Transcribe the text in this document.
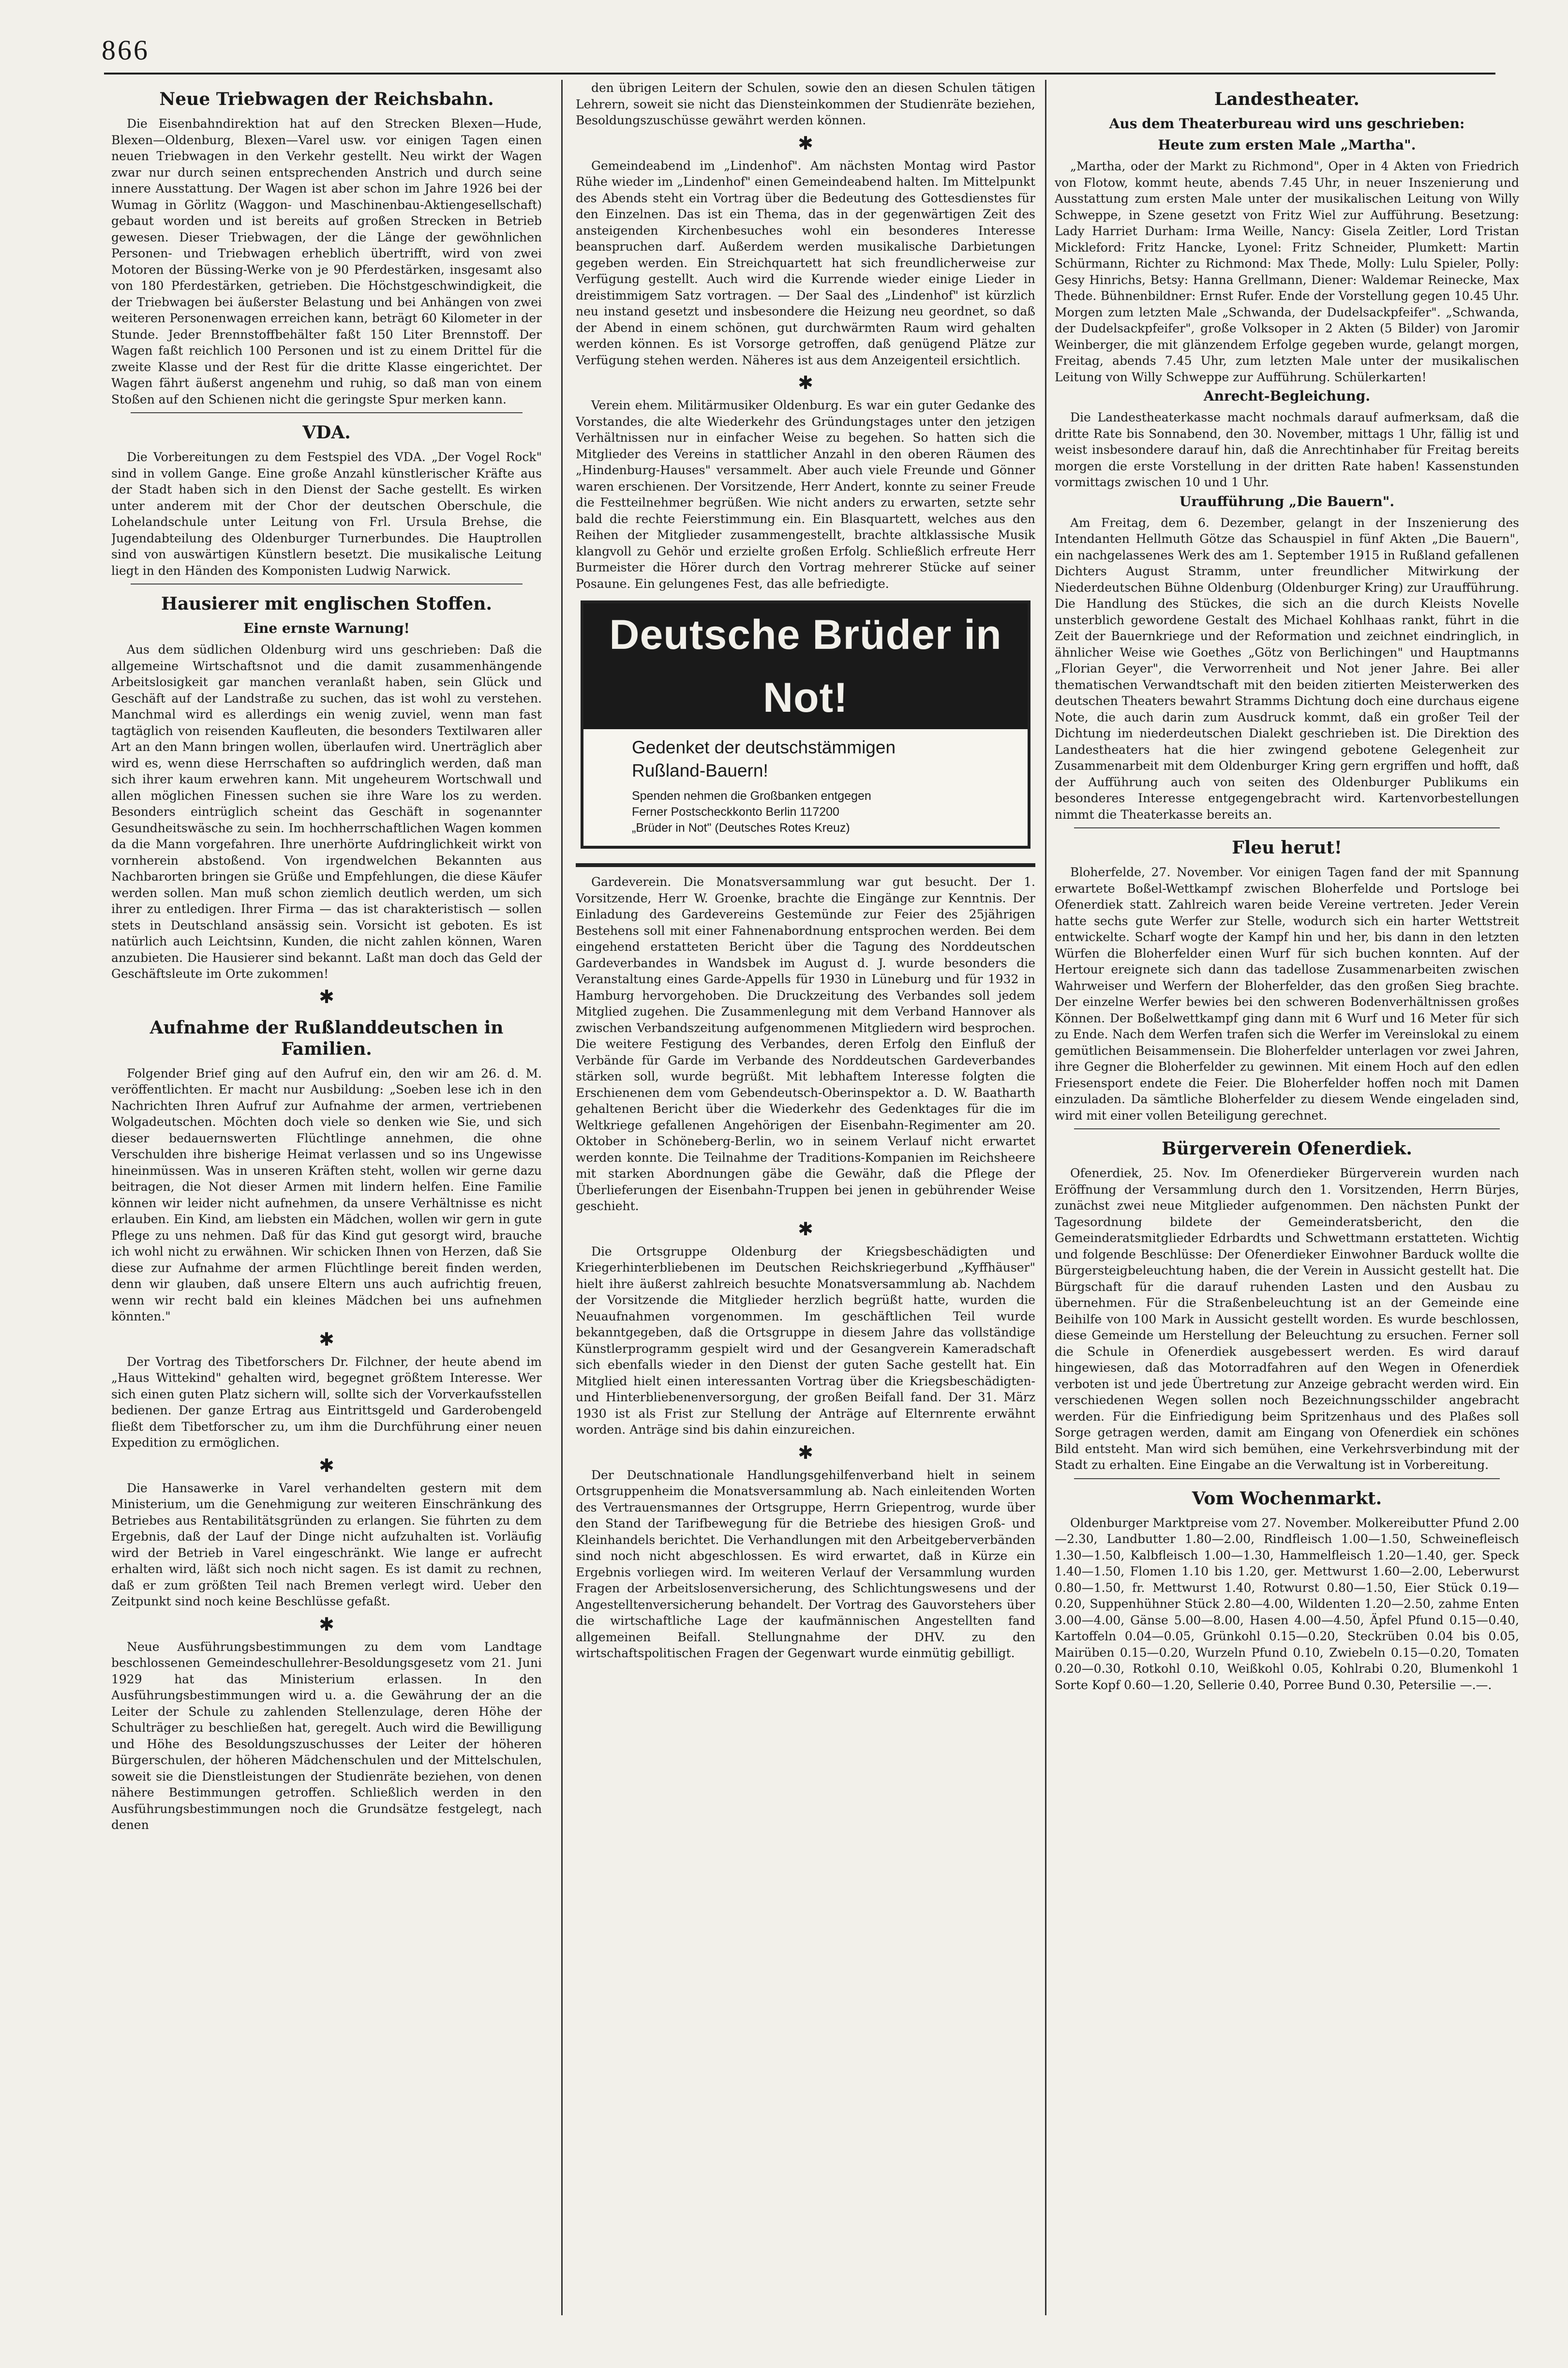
866
Neue Triebwagen der Reichsbahn.

Die Eisenbahndirektion hat auf den Strecken Blexen—Hude, Blexen—Oldenburg, Blexen—Varel usw. vor einigen Tagen einen neuen Triebwagen in den Verkehr gestellt. Neu wirkt der Wagen zwar nur durch seinen entsprechenden Anstrich und durch seine innere Ausstattung. Der Wagen ist aber schon im Jahre 1926 bei der Wumag in Görlitz (Waggon- und Maschinenbau-Aktiengesellschaft) gebaut worden und ist bereits auf großen Strecken in Betrieb gewesen. Dieser Triebwagen, der die Länge der gewöhnlichen Personen- und Triebwagen erheblich übertrifft, wird von zwei Motoren der Büssing-Werke von je 90 Pferdestärken, insgesamt also von 180 Pferdestärken, getrieben. Die Höchstgeschwindigkeit, die der Triebwagen bei äußerster Belastung und bei Anhängen von zwei weiteren Personenwagen erreichen kann, beträgt 60 Kilometer in der Stunde. Jeder Brennstoffbehälter faßt 150 Liter Brennstoff. Der Wagen faßt reichlich 100 Personen und ist zu einem Drittel für die zweite Klasse und der Rest für die dritte Klasse eingerichtet. Der Wagen fährt äußerst angenehm und ruhig, so daß man von einem Stoßen auf den Schienen nicht die geringste Spur merken kann.

VDA.

Die Vorbereitungen zu dem Festspiel des VDA. „Der Vogel Rock" sind in vollem Gange. Eine große Anzahl künstlerischer Kräfte aus der Stadt haben sich in den Dienst der Sache gestellt. Es wirken unter anderem mit der Chor der deutschen Oberschule, die Lohelandschule unter Leitung von Frl. Ursula Brehse, die Jugendabteilung des Oldenburger Turnerbundes. Die Hauptrollen sind von auswärtigen Künstlern besetzt. Die musikalische Leitung liegt in den Händen des Komponisten Ludwig Narwick.

Hausierer mit englischen Stoffen.
Eine ernste Warnung!

Aus dem südlichen Oldenburg wird uns geschrieben: Daß die allgemeine Wirtschaftsnot und die damit zusammenhängende Arbeitslosigkeit gar manchen veranlaßt haben, sein Glück und Geschäft auf der Landstraße zu suchen, das ist wohl zu verstehen. Manchmal wird es allerdings ein wenig zuviel, wenn man fast tagtäglich von reisenden Kaufleuten, die besonders Textilwaren aller Art an den Mann bringen wollen, überlaufen wird. Unerträglich aber wird es, wenn diese Herrschaften so aufdringlich werden, daß man sich ihrer kaum erwehren kann. Mit ungeheurem Wortschwall und allen möglichen Finessen suchen sie ihre Ware los zu werden. Besonders eintrüglich scheint das Geschäft in sogenannter Gesundheitswäsche zu sein. Im hochherrschaftlichen Wagen kommen da die Mann vorgefahren. Ihre unerhörte Aufdringlichkeit wirkt von vornherein abstoßend. Von irgendwelchen Bekannten aus Nachbarorten bringen sie Grüße und Empfehlungen, die diese Käufer werden sollen. Man muß schon ziemlich deutlich werden, um sich ihrer zu entledigen. Ihrer Firma — das ist charakteristisch — sollen stets in Deutschland ansässig sein. Vorsicht ist geboten. Es ist natürlich auch Leichtsinn, Kunden, die nicht zahlen können, Waren anzubieten. Die Hausierer sind bekannt. Laßt man doch das Geld der Geschäftsleute im Orte zukommen!

✱
Aufnahme der Rußlanddeutschen in Familien.

Folgender Brief ging auf den Aufruf ein, den wir am 26. d. M. veröffentlichten. Er macht nur Ausbildung: „Soeben lese ich in den Nachrichten Ihren Aufruf zur Aufnahme der armen, vertriebenen Wolgadeutschen. Möchten doch viele so denken wie Sie, und sich dieser bedauernswerten Flüchtlinge annehmen, die ohne Verschulden ihre bisherige Heimat verlassen und so ins Ungewisse hineinmüssen. Was in unseren Kräften steht, wollen wir gerne dazu beitragen, die Not dieser Armen mit lindern helfen. Eine Familie können wir leider nicht aufnehmen, da unsere Verhältnisse es nicht erlauben. Ein Kind, am liebsten ein Mädchen, wollen wir gern in gute Pflege zu uns nehmen. Daß für das Kind gut gesorgt wird, brauche ich wohl nicht zu erwähnen. Wir schicken Ihnen von Herzen, daß Sie diese zur Aufnahme der armen Flüchtlinge bereit finden werden, denn wir glauben, daß unsere Eltern uns auch aufrichtig freuen, wenn wir recht bald ein kleines Mädchen bei uns aufnehmen könnten."

✱

Der Vortrag des Tibetforschers Dr. Filchner, der heute abend im „Haus Wittekind" gehalten wird, begegnet größtem Interesse. Wer sich einen guten Platz sichern will, sollte sich der Vorverkaufsstellen bedienen. Der ganze Ertrag aus Eintrittsgeld und Garderobengeld fließt dem Tibetforscher zu, um ihm die Durchführung einer neuen Expedition zu ermöglichen.

✱

Die Hansawerke in Varel verhandelten gestern mit dem Ministerium, um die Genehmigung zur weiteren Einschränkung des Betriebes aus Rentabilitätsgründen zu erlangen. Sie führten zu dem Ergebnis, daß der Lauf der Dinge nicht aufzuhalten ist. Vorläufig wird der Betrieb in Varel eingeschränkt. Wie lange er aufrecht erhalten wird, läßt sich noch nicht sagen. Es ist damit zu rechnen, daß er zum größten Teil nach Bremen verlegt wird. Ueber den Zeitpunkt sind noch keine Beschlüsse gefaßt.

✱

Neue Ausführungsbestimmungen zu dem vom Landtage beschlossenen Gemeindeschullehrer-Besoldungsgesetz vom 21. Juni 1929 hat das Ministerium erlassen. In den Ausführungsbestimmungen wird u. a. die Gewährung der an die Leiter der Schule zu zahlenden Stellenzulage, deren Höhe der Schulträger zu beschließen hat, geregelt. Auch wird die Bewilligung und Höhe des Besoldungszuschusses der Leiter der höheren Bürgerschulen, der höheren Mädchenschulen und der Mittelschulen, soweit sie die Dienstleistungen der Studienräte beziehen, von denen nähere Bestimmungen getroffen. Schließlich werden in den Ausführungsbestimmungen noch die Grundsätze festgelegt, nach denen

den übrigen Leitern der Schulen, sowie den an diesen Schulen tätigen Lehrern, soweit sie nicht das Diensteinkommen der Studienräte beziehen, Besoldungszuschüsse gewährt werden können.

✱

Gemeindeabend im „Lindenhof". Am nächsten Montag wird Pastor Rühe wieder im „Lindenhof" einen Gemeindeabend halten. Im Mittelpunkt des Abends steht ein Vortrag über die Bedeutung des Gottesdienstes für den Einzelnen. Das ist ein Thema, das in der gegenwärtigen Zeit des ansteigenden Kirchenbesuches wohl ein besonderes Interesse beanspruchen darf. Außerdem werden musikalische Darbietungen gegeben werden. Ein Streichquartett hat sich freundlicherweise zur Verfügung gestellt. Auch wird die Kurrende wieder einige Lieder in dreistimmigem Satz vortragen. — Der Saal des „Lindenhof" ist kürzlich neu instand gesetzt und insbesondere die Heizung neu geordnet, so daß der Abend in einem schönen, gut durchwärmten Raum wird gehalten werden können. Es ist Vorsorge getroffen, daß genügend Plätze zur Verfügung stehen werden. Näheres ist aus dem Anzeigenteil ersichtlich.

✱

Verein ehem. Militärmusiker Oldenburg. Es war ein guter Gedanke des Vorstandes, die alte Wiederkehr des Gründungstages unter den jetzigen Verhältnissen nur in einfacher Weise zu begehen. So hatten sich die Mitglieder des Vereins in stattlicher Anzahl in den oberen Räumen des „Hindenburg-Hauses" versammelt. Aber auch viele Freunde und Gönner waren erschienen. Der Vorsitzende, Herr Andert, konnte zu seiner Freude die Festteilnehmer begrüßen. Wie nicht anders zu erwarten, setzte sehr bald die rechte Feierstimmung ein. Ein Blasquartett, welches aus den Reihen der Mitglieder zusammengestellt, brachte altklassische Musik klangvoll zu Gehör und erzielte großen Erfolg. Schließlich erfreute Herr Burmeister die Hörer durch den Vortrag mehrerer Stücke auf seiner Posaune. Ein gelungenes Fest, das alle befriedigte.

Deutsche Brüder in Not!
Gedenket der deutschstämmigen
Rußland-Bauern!
Spenden nehmen die Großbanken entgegen
Ferner Postscheckkonto Berlin 117200
„Brüder in Not" (Deutsches Rotes Kreuz)

Gardeverein. Die Monatsversammlung war gut besucht. Der 1. Vorsitzende, Herr W. Groenke, brachte die Eingänge zur Kenntnis. Der Einladung des Gardevereins Gestemünde zur Feier des 25jährigen Bestehens soll mit einer Fahnenabordnung entsprochen werden. Bei dem eingehend erstatteten Bericht über die Tagung des Norddeutschen Gardeverbandes in Wandsbek im August d. J. wurde besonders die Veranstaltung eines Garde-Appells für 1930 in Lüneburg und für 1932 in Hamburg hervorgehoben. Die Druckzeitung des Verbandes soll jedem Mitglied zugehen. Die Zusammenlegung mit dem Verband Hannover als zwischen Verbandszeitung aufgenommenen Mitgliedern wird besprochen. Die weitere Festigung des Verbandes, deren Erfolg den Einfluß der Verbände für Garde im Verbande des Norddeutschen Gardeverbandes stärken soll, wurde begrüßt. Mit lebhaftem Interesse folgten die Erschienenen dem vom Gebendeutsch-Oberinspektor a. D. W. Baatharth gehaltenen Bericht über die Wiederkehr des Gedenktages für die im Weltkriege gefallenen Angehörigen der Eisenbahn-Regimenter am 20. Oktober in Schöneberg-Berlin, wo in seinem Verlauf nicht erwartet werden konnte. Die Teilnahme der Traditions-Kompanien im Reichsheere mit starken Abordnungen gäbe die Gewähr, daß die Pflege der Überlieferungen der Eisenbahn-Truppen bei jenen in gebührender Weise geschieht.

✱

Die Ortsgruppe Oldenburg der Kriegsbeschädigten und Kriegerhinterbliebenen im Deutschen Reichskriegerbund „Kyffhäuser" hielt ihre äußerst zahlreich besuchte Monatsversammlung ab. Nachdem der Vorsitzende die Mitglieder herzlich begrüßt hatte, wurden die Neuaufnahmen vorgenommen. Im geschäftlichen Teil wurde bekanntgegeben, daß die Ortsgruppe in diesem Jahre das vollständige Künstlerprogramm gespielt wird und der Gesangverein Kameradschaft sich ebenfalls wieder in den Dienst der guten Sache gestellt hat. Ein Mitglied hielt einen interessanten Vortrag über die Kriegsbeschädigten- und Hinterbliebenenversorgung, der großen Beifall fand. Der 31. März 1930 ist als Frist zur Stellung der Anträge auf Elternrente erwähnt worden. Anträge sind bis dahin einzureichen.

✱

Der Deutschnationale Handlungsgehilfenverband hielt in seinem Ortsgruppenheim die Monatsversammlung ab. Nach einleitenden Worten des Vertrauensmannes der Ortsgruppe, Herrn Griepentrog, wurde über den Stand der Tarifbewegung für die Betriebe des hiesigen Groß- und Kleinhandels berichtet. Die Verhandlungen mit den Arbeitgeberverbänden sind noch nicht abgeschlossen. Es wird erwartet, daß in Kürze ein Ergebnis vorliegen wird. Im weiteren Verlauf der Versammlung wurden Fragen der Arbeitslosenversicherung, des Schlichtungswesens und der Angestelltenversicherung behandelt. Der Vortrag des Gauvorstehers über die wirtschaftliche Lage der kaufmännischen Angestellten fand allgemeinen Beifall. Stellungnahme der DHV. zu den wirtschaftspolitischen Fragen der Gegenwart wurde einmütig gebilligt.

Landestheater.
Aus dem Theaterbureau wird uns geschrieben:
Heute zum ersten Male „Martha".

„Martha, oder der Markt zu Richmond", Oper in 4 Akten von Friedrich von Flotow, kommt heute, abends 7.45 Uhr, in neuer Inszenierung und Ausstattung zum ersten Male unter der musikalischen Leitung von Willy Schweppe, in Szene gesetzt von Fritz Wiel zur Aufführung. Besetzung: Lady Harriet Durham: Irma Weille, Nancy: Gisela Zeitler, Lord Tristan Mickleford: Fritz Hancke, Lyonel: Fritz Schneider, Plumkett: Martin Schürmann, Richter zu Richmond: Max Thede, Molly: Lulu Spieler, Polly: Gesy Hinrichs, Betsy: Hanna Grellmann, Diener: Waldemar Reinecke, Max Thede. Bühnenbildner: Ernst Rufer. Ende der Vorstellung gegen 10.45 Uhr. Morgen zum letzten Male „Schwanda, der Dudelsackpfeifer". „Schwanda, der Dudelsackpfeifer", große Volksoper in 2 Akten (5 Bilder) von Jaromir Weinberger, die mit glänzendem Erfolge gegeben wurde, gelangt morgen, Freitag, abends 7.45 Uhr, zum letzten Male unter der musikalischen Leitung von Willy Schweppe zur Aufführung. Schülerkarten!

Anrecht-Begleichung.

Die Landestheaterkasse macht nochmals darauf aufmerksam, daß die dritte Rate bis Sonnabend, den 30. November, mittags 1 Uhr, fällig ist und weist insbesondere darauf hin, daß die Anrechtinhaber für Freitag bereits morgen die erste Vorstellung in der dritten Rate haben! Kassenstunden vormittags zwischen 10 und 1 Uhr.

Uraufführung „Die Bauern".

Am Freitag, dem 6. Dezember, gelangt in der Inszenierung des Intendanten Hellmuth Götze das Schauspiel in fünf Akten „Die Bauern", ein nachgelassenes Werk des am 1. September 1915 in Rußland gefallenen Dichters August Stramm, unter freundlicher Mitwirkung der Niederdeutschen Bühne Oldenburg (Oldenburger Kring) zur Uraufführung. Die Handlung des Stückes, die sich an die durch Kleists Novelle unsterblich gewordene Gestalt des Michael Kohlhaas rankt, führt in die Zeit der Bauernkriege und der Reformation und zeichnet eindringlich, in ähnlicher Weise wie Goethes „Götz von Berlichingen" und Hauptmanns „Florian Geyer", die Verworrenheit und Not jener Jahre. Bei aller thematischen Verwandtschaft mit den beiden zitierten Meisterwerken des deutschen Theaters bewahrt Stramms Dichtung doch eine durchaus eigene Note, die auch darin zum Ausdruck kommt, daß ein großer Teil der Dichtung im niederdeutschen Dialekt geschrieben ist. Die Direktion des Landestheaters hat die hier zwingend gebotene Gelegenheit zur Zusammenarbeit mit dem Oldenburger Kring gern ergriffen und hofft, daß der Aufführung auch von seiten des Oldenburger Publikums ein besonderes Interesse entgegengebracht wird. Kartenvorbestellungen nimmt die Theaterkasse bereits an.

Fleu herut!

Bloherfelde, 27. November. Vor einigen Tagen fand der mit Spannung erwartete Boßel-Wettkampf zwischen Bloherfelde und Portsloge bei Ofenerdiek statt. Zahlreich waren beide Vereine vertreten. Jeder Verein hatte sechs gute Werfer zur Stelle, wodurch sich ein harter Wettstreit entwickelte. Scharf wogte der Kampf hin und her, bis dann in den letzten Würfen die Bloherfelder einen Wurf für sich buchen konnten. Auf der Hertour ereignete sich dann das tadellose Zusammenarbeiten zwischen Wahrweiser und Werfern der Bloherfelder, das den großen Sieg brachte. Der einzelne Werfer bewies bei den schweren Bodenverhältnissen großes Können. Der Boßelwettkampf ging dann mit 6 Wurf und 16 Meter für sich zu Ende. Nach dem Werfen trafen sich die Werfer im Vereinslokal zu einem gemütlichen Beisammensein. Die Bloherfelder unterlagen vor zwei Jahren, ihre Gegner die Bloherfelder zu gewinnen. Mit einem Hoch auf den edlen Friesensport endete die Feier. Die Bloherfelder hoffen noch mit Damen einzuladen. Da sämtliche Bloherfelder zu diesem Wende eingeladen sind, wird mit einer vollen Beteiligung gerechnet.

Bürgerverein Ofenerdiek.

Ofenerdiek, 25. Nov. Im Ofenerdieker Bürgerverein wurden nach Eröffnung der Versammlung durch den 1. Vorsitzenden, Herrn Bürjes, zunächst zwei neue Mitglieder aufgenommen. Den nächsten Punkt der Tagesordnung bildete der Gemeinderatsbericht, den die Gemeinderatsmitglieder Edrbardts und Schwettmann erstatteten. Wichtig und folgende Beschlüsse: Der Ofenerdieker Einwohner Barduck wollte die Bürgersteigbeleuchtung haben, die der Verein in Aussicht gestellt hat. Die Bürgschaft für die darauf ruhenden Lasten und den Ausbau zu übernehmen. Für die Straßenbeleuchtung ist an der Gemeinde eine Beihilfe von 100 Mark in Aussicht gestellt worden. Es wurde beschlossen, diese Gemeinde um Herstellung der Beleuchtung zu ersuchen. Ferner soll die Schule in Ofenerdiek ausgebessert werden. Es wird darauf hingewiesen, daß das Motorradfahren auf den Wegen in Ofenerdiek verboten ist und jede Übertretung zur Anzeige gebracht werden wird. Ein verschiedenen Wegen sollen noch Bezeichnungsschilder angebracht werden. Für die Einfriedigung beim Spritzenhaus und des Plaßes soll Sorge getragen werden, damit am Eingang von Ofenerdiek ein schönes Bild entsteht. Man wird sich bemühen, eine Verkehrsverbindung mit der Stadt zu erhalten. Eine Eingabe an die Verwaltung ist in Vorbereitung.

Vom Wochenmarkt.

Oldenburger Marktpreise vom 27. November. Molkereibutter Pfund 2.00—2.30, Landbutter 1.80—2.00, Rindfleisch 1.00—1.50, Schweinefleisch 1.30—1.50, Kalbfleisch 1.00—1.30, Hammelfleisch 1.20—1.40, ger. Speck 1.40—1.50, Flomen 1.10 bis 1.20, ger. Mettwurst 1.60—2.00, Leberwurst 0.80—1.50, fr. Mettwurst 1.40, Rotwurst 0.80—1.50, Eier Stück 0.19—0.20, Suppenhühner Stück 2.80—4.00, Wildenten 1.20—2.50, zahme Enten 3.00—4.00, Gänse 5.00—8.00, Hasen 4.00—4.50, Äpfel Pfund 0.15—0.40, Kartoffeln 0.04—0.05, Grünkohl 0.15—0.20, Steckrüben 0.04 bis 0.05, Mairüben 0.15—0.20, Wurzeln Pfund 0.10, Zwiebeln 0.15—0.20, Tomaten 0.20—0.30, Rotkohl 0.10, Weißkohl 0.05, Kohlrabi 0.20, Blumenkohl 1 Sorte Kopf 0.60—1.20, Sellerie 0.40, Porree Bund 0.30, Petersilie —.—.
